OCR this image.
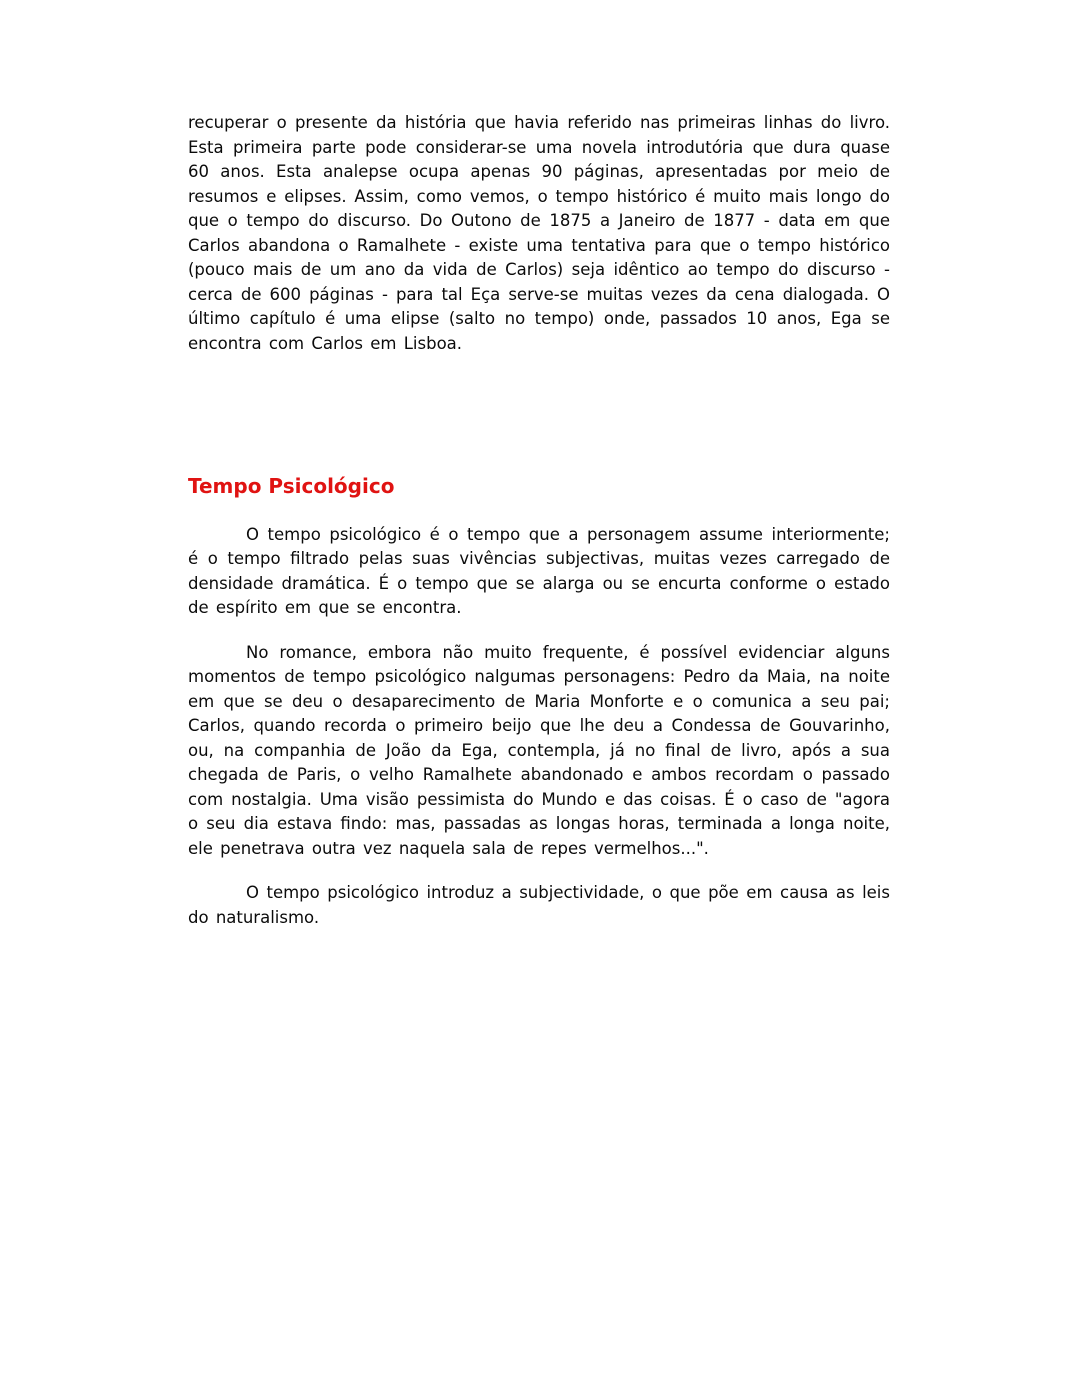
recuperar o presente da história que havia referido nas primeiras linhas do livro. Esta primeira parte pode considerar-se uma novela introdutória que dura quase 60 anos. Esta analepse ocupa apenas 90 páginas, apresentadas por meio de resumos e elipses. Assim, como vemos, o tempo histórico é muito mais longo do que o tempo do discurso. Do Outono de 1875 a Janeiro de 1877 - data em que Carlos abandona o Ramalhete - existe uma tentativa para que o tempo histórico (pouco mais de um ano da vida de Carlos) seja idêntico ao tempo do discurso - cerca de 600 páginas - para tal Eça serve-se muitas vezes da cena dialogada. O último capítulo é uma elipse (salto no tempo) onde, passados 10 anos, Ega se encontra com Carlos em Lisboa.

Tempo Psicológico

O tempo psicológico é o tempo que a personagem assume interiormente; é o tempo filtrado pelas suas vivências subjectivas, muitas vezes carregado de densidade dramática. É o tempo que se alarga ou se encurta conforme o estado de espírito em que se encontra.

No romance, embora não muito frequente, é possível evidenciar alguns momentos de tempo psicológico nalgumas personagens: Pedro da Maia, na noite em que se deu o desaparecimento de Maria Monforte e o comunica a seu pai; Carlos, quando recorda o primeiro beijo que lhe deu a Condessa de Gouvarinho, ou, na companhia de João da Ega, contempla, já no final de livro, após a sua chegada de Paris, o velho Ramalhete abandonado e ambos recordam o passado com nostalgia. Uma visão pessimista do Mundo e das coisas. É o caso de "agora o seu dia estava findo: mas, passadas as longas horas, terminada a longa noite, ele penetrava outra vez naquela sala de repes vermelhos...".

O tempo psicológico introduz a subjectividade, o que põe em causa as leis do naturalismo.
